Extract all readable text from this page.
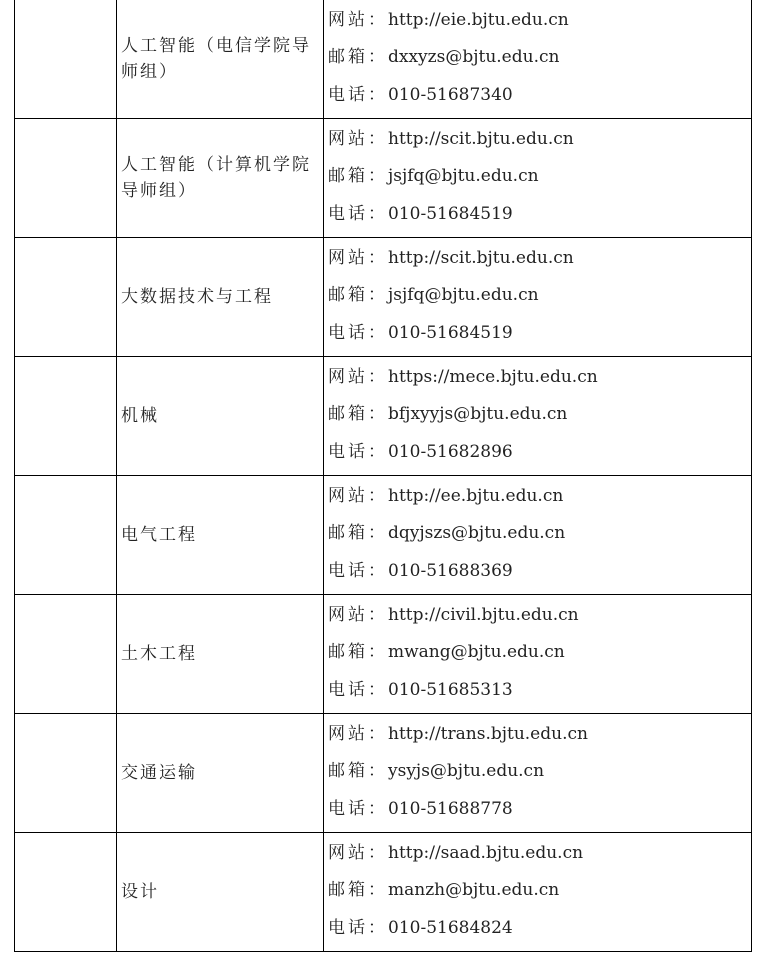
	人工智能（电信学院导师组）	网站：http://eie.bjtu.edu.cn
邮箱：dxxyzs@bjtu.edu.cn
电话：010-51687340

	人工智能（计算机学院导师组）	网站：http://scit.bjtu.edu.cn
邮箱：jsjfq@bjtu.edu.cn
电话：010-51684519

	大数据技术与工程	网站：http://scit.bjtu.edu.cn
邮箱：jsjfq@bjtu.edu.cn
电话：010-51684519

	机械	网站：https://mece.bjtu.edu.cn
邮箱：bfjxyyjs@bjtu.edu.cn
电话：010-51682896

	电气工程	网站：http://ee.bjtu.edu.cn
邮箱：dqyjszs@bjtu.edu.cn
电话：010-51688369

	土木工程	网站：http://civil.bjtu.edu.cn
邮箱：mwang@bjtu.edu.cn
电话：010-51685313

	交通运输	网站：http://trans.bjtu.edu.cn
邮箱：ysyjs@bjtu.edu.cn
电话：010-51688778

	设计	网站：http://saad.bjtu.edu.cn
邮箱：manzh@bjtu.edu.cn
电话：010-51684824
